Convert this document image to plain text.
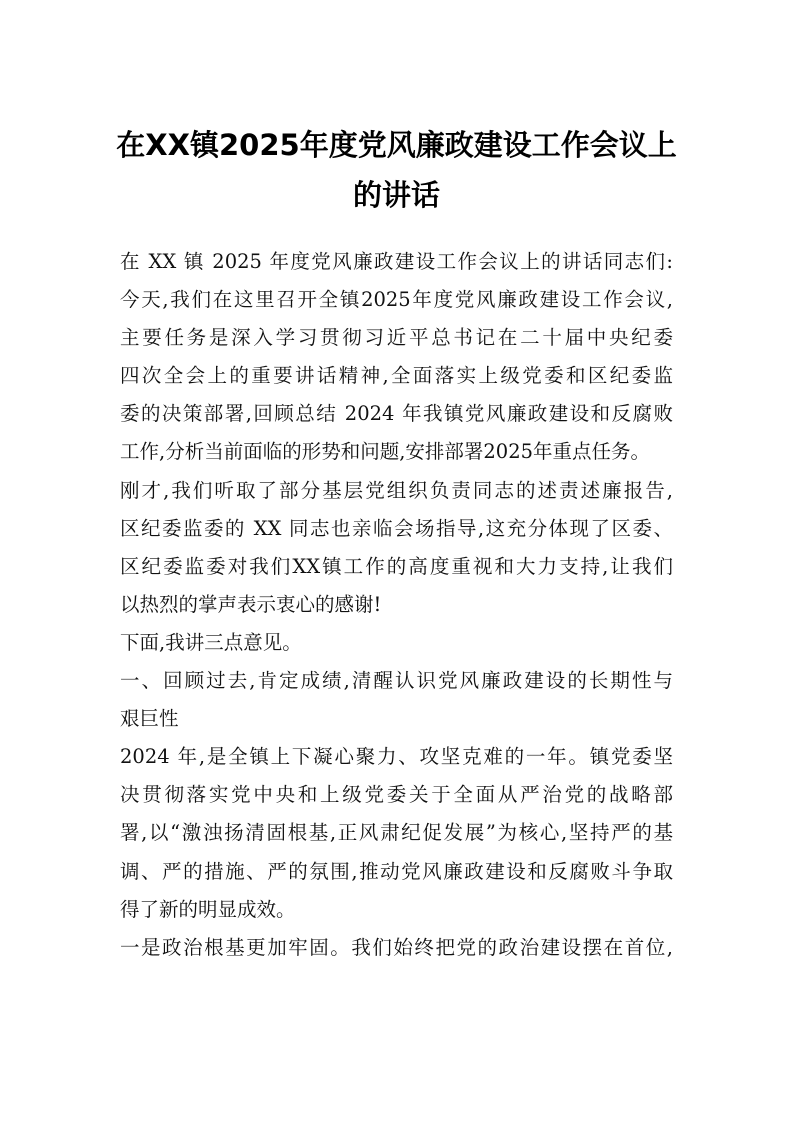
在XX镇2025年度党风廉政建设工作会议上
的讲话
在 XX 镇 2025 年度党风廉政建设工作会议上的讲话同志们:
今天,我们在这里召开全镇2025年度党风廉政建设工作会议,
主要任务是深入学习贯彻习近平总书记在二十届中央纪委
四次全会上的重要讲话精神,全面落实上级党委和区纪委监
委的决策部署,回顾总结 2024 年我镇党风廉政建设和反腐败
工作,分析当前面临的形势和问题,安排部署2025年重点任务。
刚才,我们听取了部分基层党组织负责同志的述责述廉报告,
区纪委监委的 XX 同志也亲临会场指导,这充分体现了区委、
区纪委监委对我们XX镇工作的高度重视和大力支持,让我们
以热烈的掌声表示衷心的感谢!
下面,我讲三点意见。
一、回顾过去,肯定成绩,清醒认识党风廉政建设的长期性与
艰巨性
2024 年,是全镇上下凝心聚力、攻坚克难的一年。镇党委坚
决贯彻落实党中央和上级党委关于全面从严治党的战略部
署,以“激浊扬清固根基,正风肃纪促发展”为核心,坚持严的基
调、严的措施、严的氛围,推动党风廉政建设和反腐败斗争取
得了新的明显成效。
一是政治根基更加牢固。我们始终把党的政治建设摆在首位,
